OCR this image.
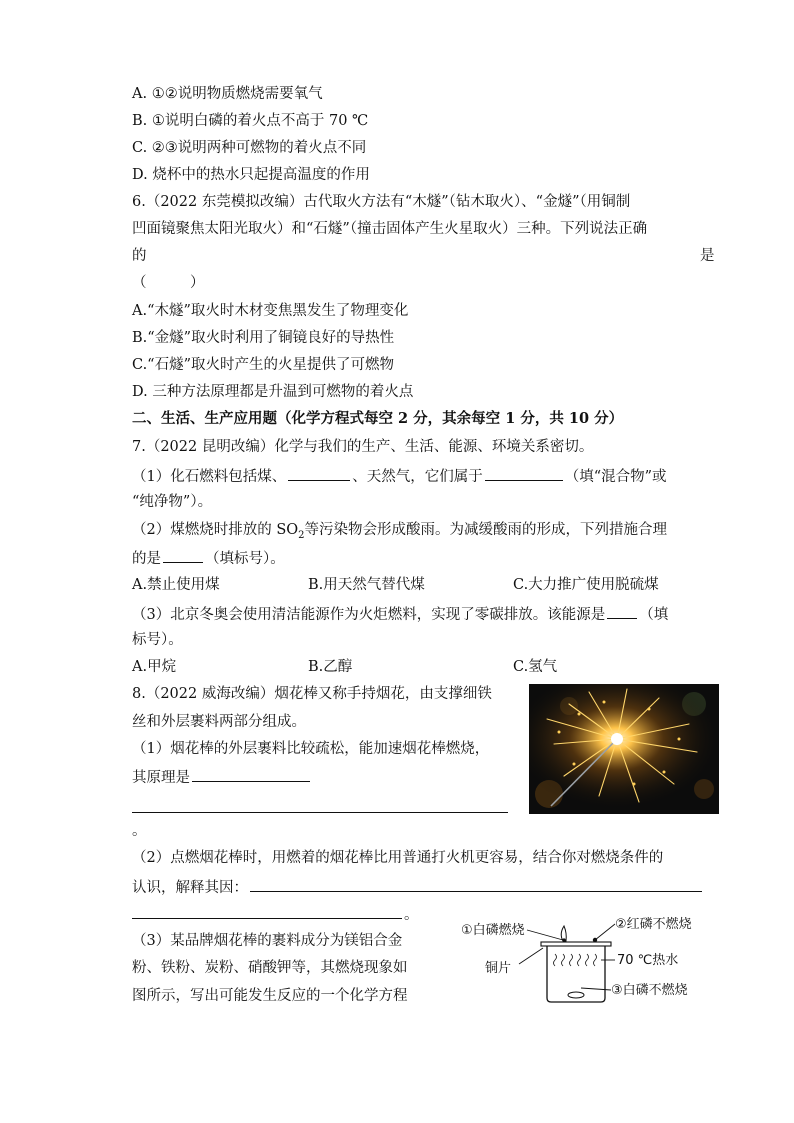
A. ①②说明物质燃烧需要氧气
B. ①说明白磷的着火点不高于 70 ℃
C. ②③说明两种可燃物的着火点不同
D. 烧杯中的热水只起提高温度的作用
6.（2022 东莞模拟改编）古代取火方法有“木燧”（钻木取火）、“金燧”（用铜制
凹面镜聚焦太阳光取火）和“石燧”（撞击固体产生火星取火）三种。下列说法正确
的	是
（　　　）
A.“木燧”取火时木材变焦黑发生了物理变化
B.“金燧”取火时利用了铜镜良好的导热性
C.“石燧”取火时产生的火星提供了可燃物
D. 三种方法原理都是升温到可燃物的着火点
二、生活、生产应用题（化学方程式每空 2 分，其余每空 1 分，共 10 分）
7.（2022 昆明改编）化学与我们的生产、生活、能源、环境关系密切。
（1）化石燃料包括煤、	、天然气，它们属于	（填“混合物”或
“纯净物”）。
（2）煤燃烧时排放的 $SO_2$等污染物会形成酸雨。为减缓酸雨的形成，下列措施合理
的是	（填标号）。
A.禁止使用煤	B.用天然气替代煤	C.大力推广使用脱硫煤
（3）北京冬奥会使用清洁能源作为火炬燃料，实现了零碳排放。该能源是 （填
标号）。
A.甲烷	B.乙醇	C.氢气
8.（2022 威海改编）烟花棒又称手持烟花，由支撑细铁
丝和外层裹料两部分组成。
（1）烟花棒的外层裹料比较疏松，能加速烟花棒燃烧，
其原理是
。
（2）点燃烟花棒时，用燃着的烟花棒比用普通打火机更容易，结合你对燃烧条件的
认识，解释其因：
。
（3）某品牌烟花棒的裹料成分为镁铝合金
粉、铁粉、炭粉、硝酸钾等，其燃烧现象如
图所示，写出可能发生反应的一个化学方程
①白磷燃烧	②红磷不燃烧
铜片
70 ℃热水
③白磷不燃烧
